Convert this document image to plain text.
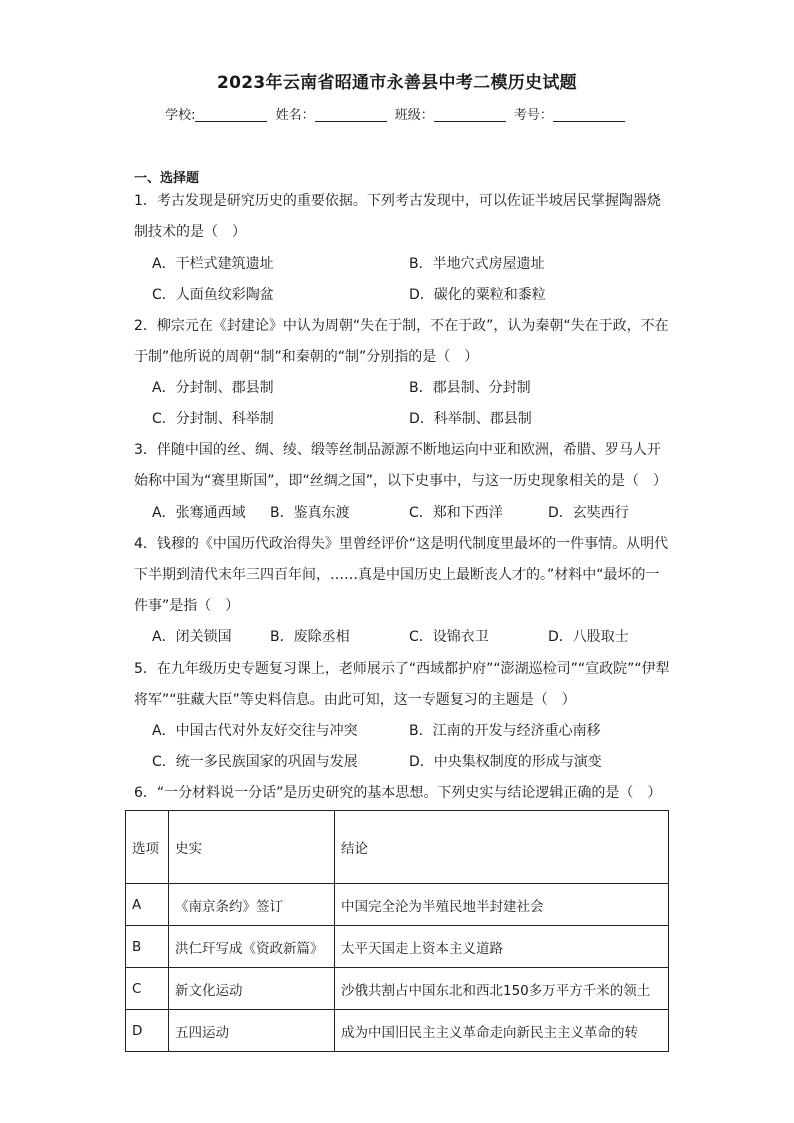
2023年云南省昭通市永善县中考二模历史试题
学校:	姓名：	班级：	考号：
一、选择题
1．考古发现是研究历史的重要依据。下列考古发现中，可以佐证半坡居民掌握陶器烧
制技术的是（　）
A．干栏式建筑遗址	B．半地穴式房屋遗址
C．人面鱼纹彩陶盆	D．碳化的粟粒和黍粒
2．柳宗元在《封建论》中认为周朝“失在于制，不在于政”，认为秦朝“失在于政，不在
于制”他所说的周朝“制”和秦朝的“制”分别指的是（　）
A．分封制、郡县制	B．郡县制、分封制
C．分封制、科举制	D．科举制、郡县制
3．伴随中国的丝、绸、绫、缎等丝制品源源不断地运向中亚和欧洲，希腊、罗马人开
始称中国为“赛里斯国”，即“丝绸之国”，以下史事中，与这一历史现象相关的是（　）
A．张骞通西域 B．鉴真东渡	C．郑和下西洋	D．玄奘西行
4．钱穆的《中国历代政治得失》里曾经评价“这是明代制度里最坏的一件事情。从明代
下半期到清代末年三四百年间，……真是中国历史上最断丧人才的。”材料中“最坏的一
件事”是指（　）
A．闭关锁国	B．废除丞相	C．设锦衣卫	D．八股取士
5．在九年级历史专题复习课上，老师展示了“西域都护府”“澎湖巡检司”“宣政院”“伊犁
将军”“驻藏大臣”等史料信息。由此可知，这一专题复习的主题是（　）
A．中国古代对外友好交往与冲突	B．江南的开发与经济重心南移
C．统一多民族国家的巩固与发展	D．中央集权制度的形成与演变
6．“一分材料说一分话”是历史研究的基本思想。下列史实与结论逻辑正确的是（　）
选项	史实	结论
A	《南京条约》签订	中国完全沦为半殖民地半封建社会
B	洪仁玕写成《资政新篇》	太平天国走上资本主义道路
C	新文化运动	沙俄共割占中国东北和西北150多万平方千米的领土
D	五四运动	成为中国旧民主主义革命走向新民主主义革命的转
